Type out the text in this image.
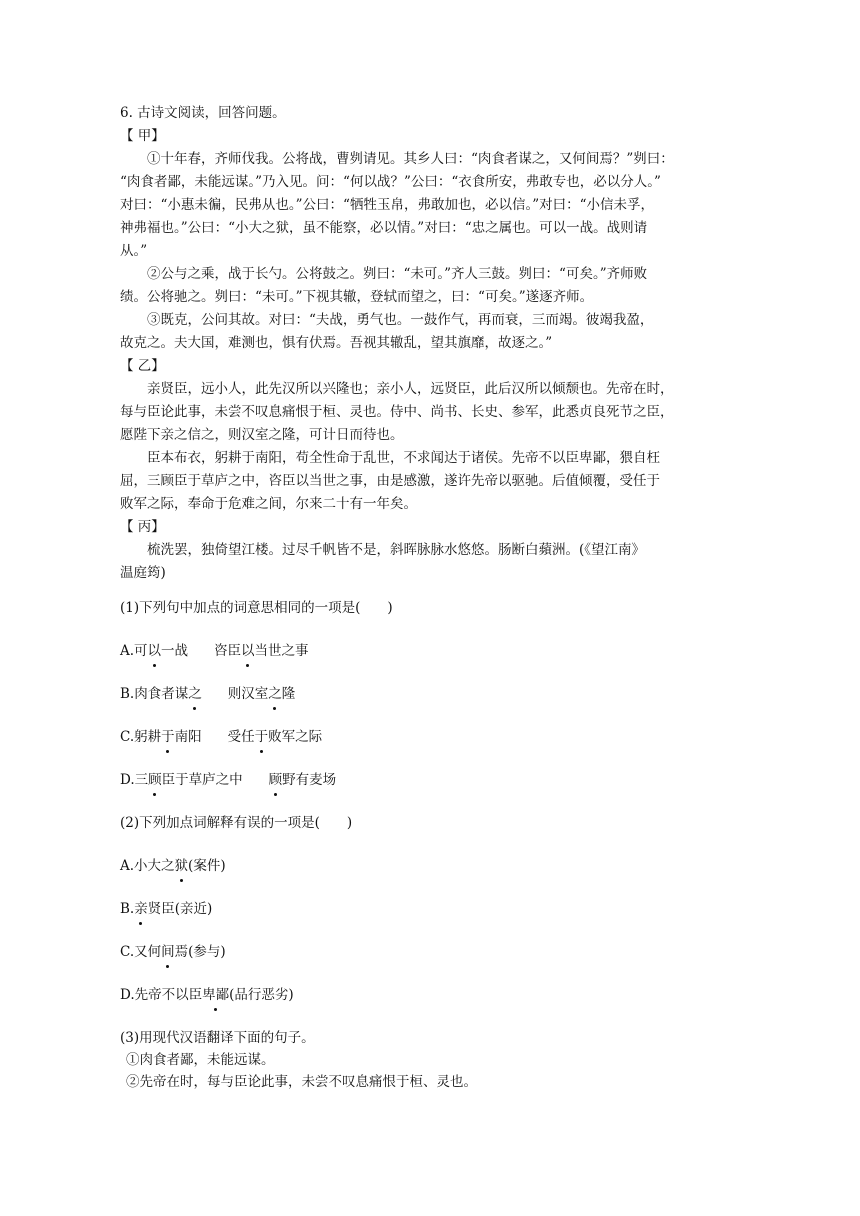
6. 古诗文阅读，回答问题。
【 甲】
①十年春，齐师伐我。公将战，曹刿请见。其乡人曰：“肉食者谋之，又何间焉？”刿曰：
“肉食者鄙，未能远谋。”乃入见。问：“何以战？”公曰：“衣食所安，弗敢专也，必以分人。”
对曰：“小惠未徧，民弗从也。”公曰：“牺牲玉帛，弗敢加也，必以信。”对曰：“小信未孚，
神弗福也。”公曰：“小大之狱，虽不能察，必以情。”对曰：“忠之属也。可以一战。战则请
从。”
②公与之乘，战于长勺。公将鼓之。刿曰：“未可。”齐人三鼓。刿曰：“可矣。”齐师败
绩。公将驰之。刿曰：“未可。”下视其辙，登轼而望之，曰：“可矣。”遂逐齐师。
③既克，公问其故。对曰：“夫战，勇气也。一鼓作气，再而衰，三而竭。彼竭我盈，
故克之。夫大国，难测也，惧有伏焉。吾视其辙乱，望其旗靡，故逐之。”
【 乙】
亲贤臣，远小人，此先汉所以兴隆也；亲小人，远贤臣，此后汉所以倾颓也。先帝在时，
每与臣论此事，未尝不叹息痛恨于桓、灵也。侍中、尚书、长史、参军，此悉贞良死节之臣，
愿陛下亲之信之，则汉室之隆，可计日而待也。
臣本布衣，躬耕于南阳，苟全性命于乱世，不求闻达于诸侯。先帝不以臣卑鄙，猥自枉
屈，三顾臣于草庐之中，咨臣以当世之事，由是感激，遂许先帝以驱驰。后值倾覆，受任于
败军之际，奉命于危难之间，尔来二十有一年矣。
【 丙】
梳洗罢，独倚望江楼。过尽千帆皆不是，斜晖脉脉水悠悠。肠断白蘋洲。(《望江南》
温庭筠)
(1)下列句中加点的词意思相同的一项是(　　)
A.可以一战 咨臣以当世之事
B.肉食者谋之 则汉室之隆
C.躬耕于南阳 受任于败军之际
D.三顾臣于草庐之中 顾野有麦场
(2)下列加点词解释有误的一项是(　　)
A.小大之狱(案件)
B.亲贤臣(亲近)
C.又何间焉(参与)
D.先帝不以臣卑鄙(品行恶劣)
(3)用现代汉语翻译下面的句子。
①肉食者鄙，未能远谋。
②先帝在时，每与臣论此事，未尝不叹息痛恨于桓、灵也。
